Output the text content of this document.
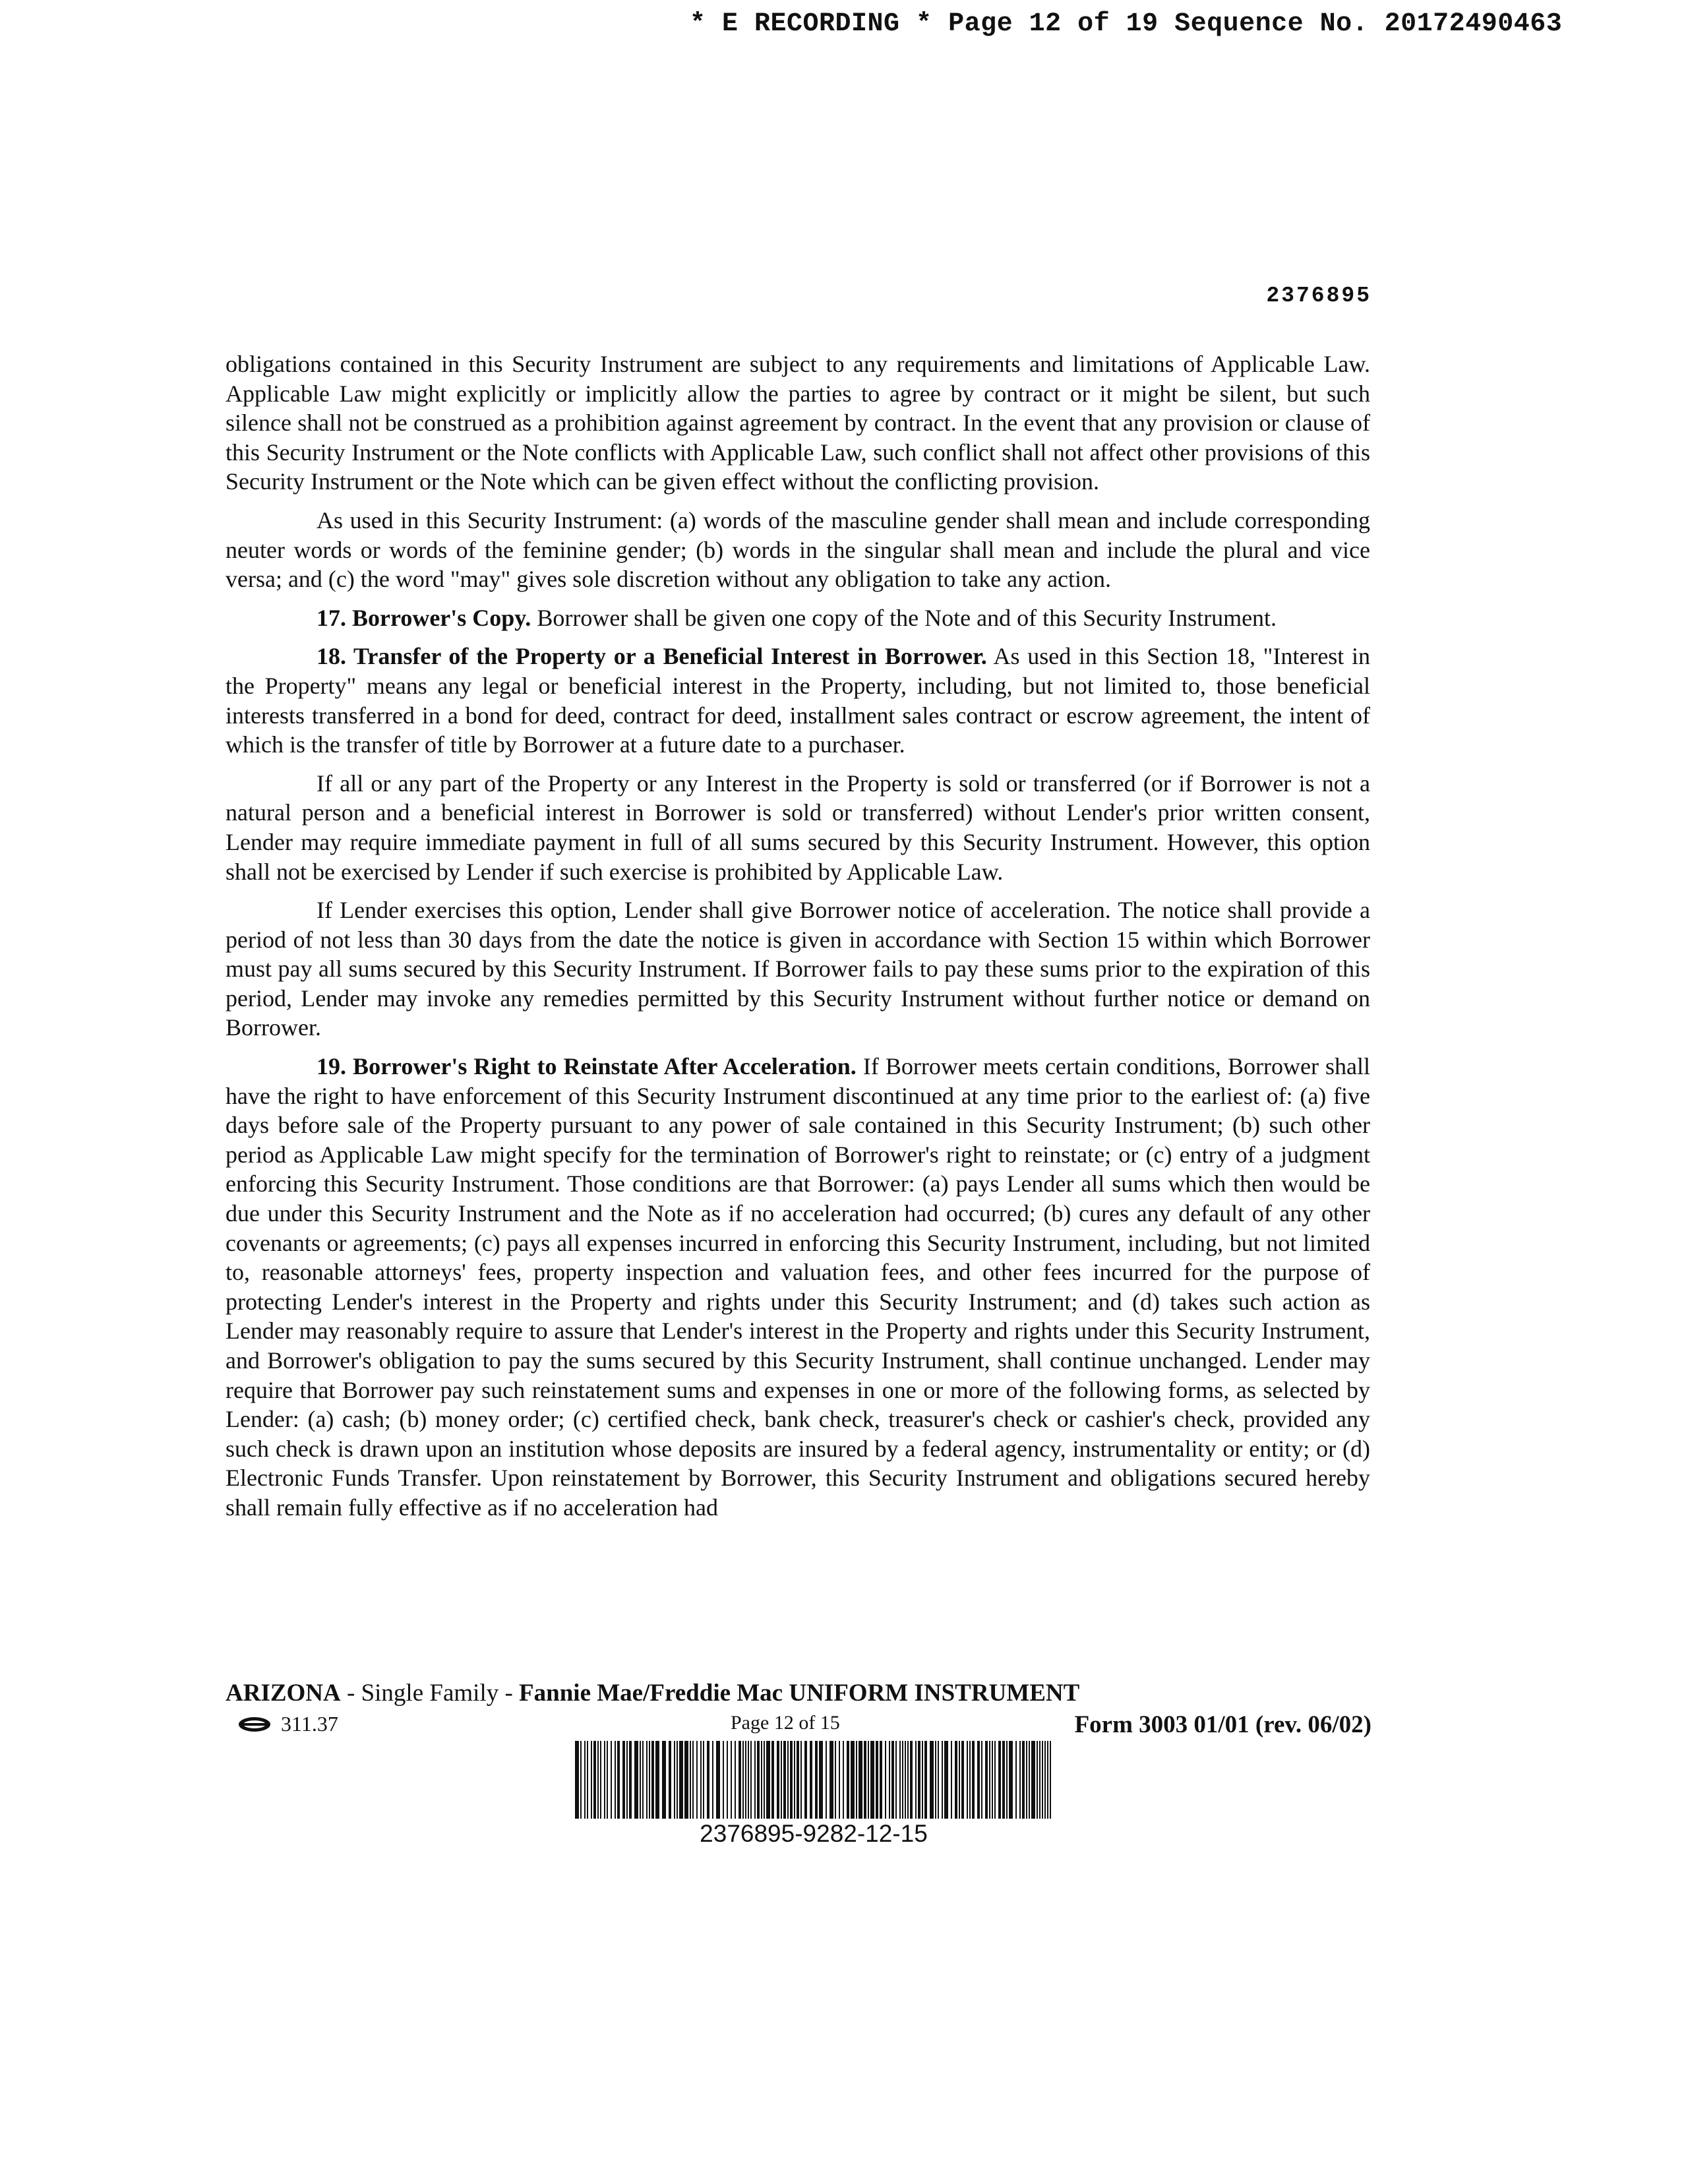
* E RECORDING * Page 12 of 19 Sequence No. 20172490463
2376895

obligations contained in this Security Instrument are subject to any requirements and limitations of Applicable Law. Applicable Law might explicitly or implicitly allow the parties to agree by contract or it might be silent, but such silence shall not be construed as a prohibition against agreement by contract. In the event that any provision or clause of this Security Instrument or the Note conflicts with Applicable Law, such conflict shall not affect other provisions of this Security Instrument or the Note which can be given effect without the conflicting provision.

As used in this Security Instrument: (a) words of the masculine gender shall mean and include corresponding neuter words or words of the feminine gender; (b) words in the singular shall mean and include the plural and vice versa; and (c) the word "may" gives sole discretion without any obligation to take any action.

17. Borrower's Copy. Borrower shall be given one copy of the Note and of this Security Instrument.

18. Transfer of the Property or a Beneficial Interest in Borrower. As used in this Section 18, "Interest in the Property" means any legal or beneficial interest in the Property, including, but not limited to, those beneficial interests transferred in a bond for deed, contract for deed, installment sales contract or escrow agreement, the intent of which is the transfer of title by Borrower at a future date to a purchaser.

If all or any part of the Property or any Interest in the Property is sold or transferred (or if Borrower is not a natural person and a beneficial interest in Borrower is sold or transferred) without Lender's prior written consent, Lender may require immediate payment in full of all sums secured by this Security Instrument. However, this option shall not be exercised by Lender if such exercise is prohibited by Applicable Law.

If Lender exercises this option, Lender shall give Borrower notice of acceleration. The notice shall provide a period of not less than 30 days from the date the notice is given in accordance with Section 15 within which Borrower must pay all sums secured by this Security Instrument. If Borrower fails to pay these sums prior to the expiration of this period, Lender may invoke any remedies permitted by this Security Instrument without further notice or demand on Borrower.

19. Borrower's Right to Reinstate After Acceleration. If Borrower meets certain conditions, Borrower shall have the right to have enforcement of this Security Instrument discontinued at any time prior to the earliest of: (a) five days before sale of the Property pursuant to any power of sale contained in this Security Instrument; (b) such other period as Applicable Law might specify for the termination of Borrower's right to reinstate; or (c) entry of a judgment enforcing this Security Instrument. Those conditions are that Borrower: (a) pays Lender all sums which then would be due under this Security Instrument and the Note as if no acceleration had occurred; (b) cures any default of any other covenants or agreements; (c) pays all expenses incurred in enforcing this Security Instrument, including, but not limited to, reasonable attorneys' fees, property inspection and valuation fees, and other fees incurred for the purpose of protecting Lender's interest in the Property and rights under this Security Instrument; and (d) takes such action as Lender may reasonably require to assure that Lender's interest in the Property and rights under this Security Instrument, and Borrower's obligation to pay the sums secured by this Security Instrument, shall continue unchanged. Lender may require that Borrower pay such reinstatement sums and expenses in one or more of the following forms, as selected by Lender: (a) cash; (b) money order; (c) certified check, bank check, treasurer's check or cashier's check, provided any such check is drawn upon an institution whose deposits are insured by a federal agency, instrumentality or entity; or (d) Electronic Funds Transfer. Upon reinstatement by Borrower, this Security Instrument and obligations secured hereby shall remain fully effective as if no acceleration had

ARIZONA - Single Family - Fannie Mae/Freddie Mac UNIFORM INSTRUMENT
311.37	Page 12 of 15	Form 3003 01/01 (rev. 06/02)
2376895-9282-12-15
